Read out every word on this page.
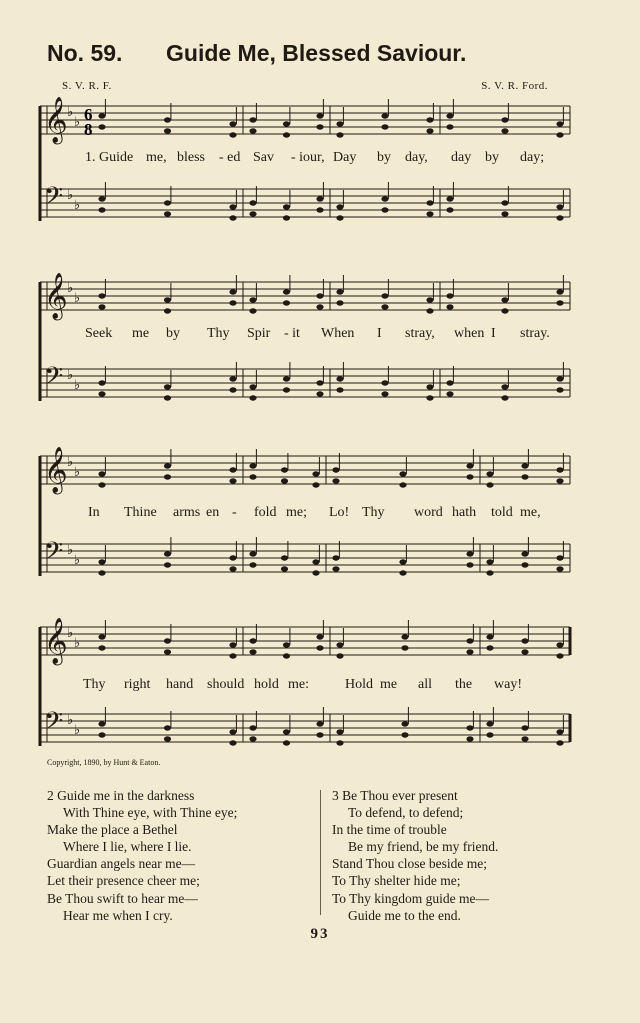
No. 59. Guide Me, Blessed Saviour.
S. V. R. F.	S. V. R. Ford.
𝄞 ♭
♭
𝄢 ♭
♭
𝄞 ♭
♭
𝄢 ♭
♭
𝄞 ♭
♭
𝄢 ♭
♭
𝄞 ♭
♭
𝄢 ♭
♭
6
8
1. Guide me, bless - ed Sav - iour, Day by day, day by day;
Seek me by Thy Spir - it When I stray, when I stray.
In Thine arms en - fold me; Lo! Thy word hath told me,
Thy right hand should hold me:	Hold me all the way!
Copyright, 1890, by Hunt & Eaton.
2 Guide me in the darkness
With Thine eye, with Thine eye;
Make the place a Bethel
Where I lie, where I lie.
Guardian angels near me—
Let their presence cheer me;
Be Thou swift to hear me—
Hear me when I cry.
3 Be Thou ever present
To defend, to defend;
In the time of trouble
Be my friend, be my friend.
Stand Thou close beside me;
To Thy shelter hide me;
To Thy kingdom guide me—
Guide me to the end.
93
